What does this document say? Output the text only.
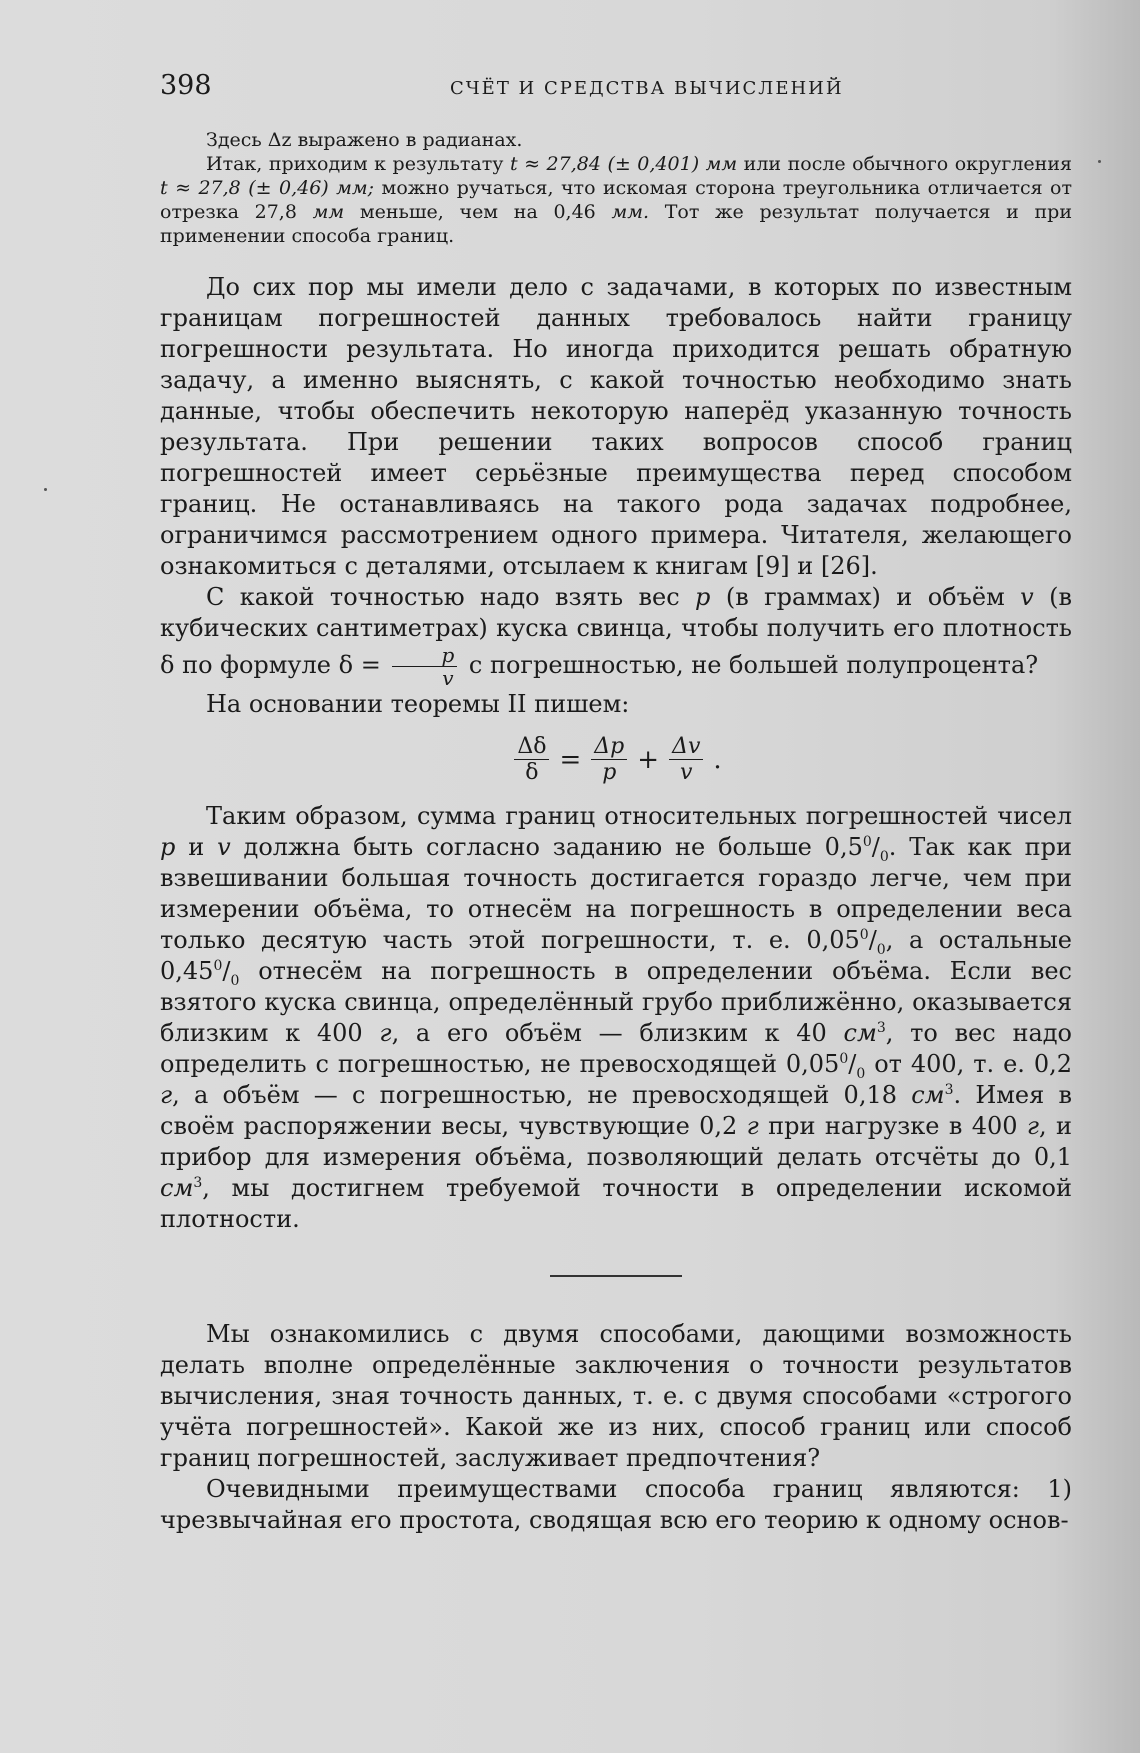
398	СЧЁТ И СРЕДСТВА ВЫЧИСЛЕНИЙ

Здесь Δz выражено в радианах.

Итак, приходим к результату t ≈ 27,84 (± 0,401) мм или после обычного округления t ≈ 27,8 (± 0,46) мм; можно ручаться, что искомая сторона треугольника отличается от отрезка 27,8 мм меньше, чем на 0,46 мм. Тот же результат получается и при применении способа границ.

До сих пор мы имели дело с задачами, в которых по известным границам погрешностей данных требовалось найти границу погрешности результата. Но иногда приходится решать обратную задачу, а именно выяснять, с какой точностью необходимо знать данные, чтобы обеспечить некоторую наперёд указанную точность результата. При решении таких вопросов способ границ погрешностей имеет серьёзные преимущества перед способом границ. Не останавливаясь на такого рода задачах подробнее, ограничимся рассмотрением одного примера. Читателя, желающего ознакомиться с деталями, отсылаем к книгам [9] и [26].

С какой точностью надо взять вес p (в граммах) и объём v (в кубических сантиметрах) куска свинца, чтобы получить его плотность δ по формуле $\delta = \frac{p}{v}$ с погрешностью, не большей полупроцента?

На основании теоремы II пишем:

$\frac{\Delta\delta}{\delta} = \frac{\Delta p}{p} + \frac{\Delta v}{v}$ .

Таким образом, сумма границ относительных погрешностей чисел p и v должна быть согласно заданию не больше $0,5^0/_0$. Так как при взвешивании большая точность достигается гораздо легче, чем при измерении объёма, то отнесём на погрешность в определении веса только десятую часть этой погрешности, т. е. $0,05^0/_0$, а остальные $0,45^0/_0$ отнесём на погрешность в определении объёма. Если вес взятого куска свинца, определённый грубо приближённо, оказывается близким к 400 г, а его объём — близким к 40 $см^3$, то вес надо определить с погрешностью, не превосходящей $0,05^0/_0$ от 400, т. е. 0,2 г, а объём — с погрешностью, не превосходящей 0,18 $см^3$. Имея в своём распоряжении весы, чувствующие 0,2 г при нагрузке в 400 г, и прибор для измерения объёма, позволяющий делать отсчёты до 0,1 $см^3$, мы достигнем требуемой точности в определении искомой плотности.

Мы ознакомились с двумя способами, дающими возможность делать вполне определённые заключения о точности результатов вычисления, зная точность данных, т. е. с двумя способами «строгого учёта погрешностей». Какой же из них, способ границ или способ границ погрешностей, заслуживает предпочтения?

Очевидными преимуществами способа границ являются: 1) чрезвычайная его простота, сводящая всю его теорию к одному основ-
